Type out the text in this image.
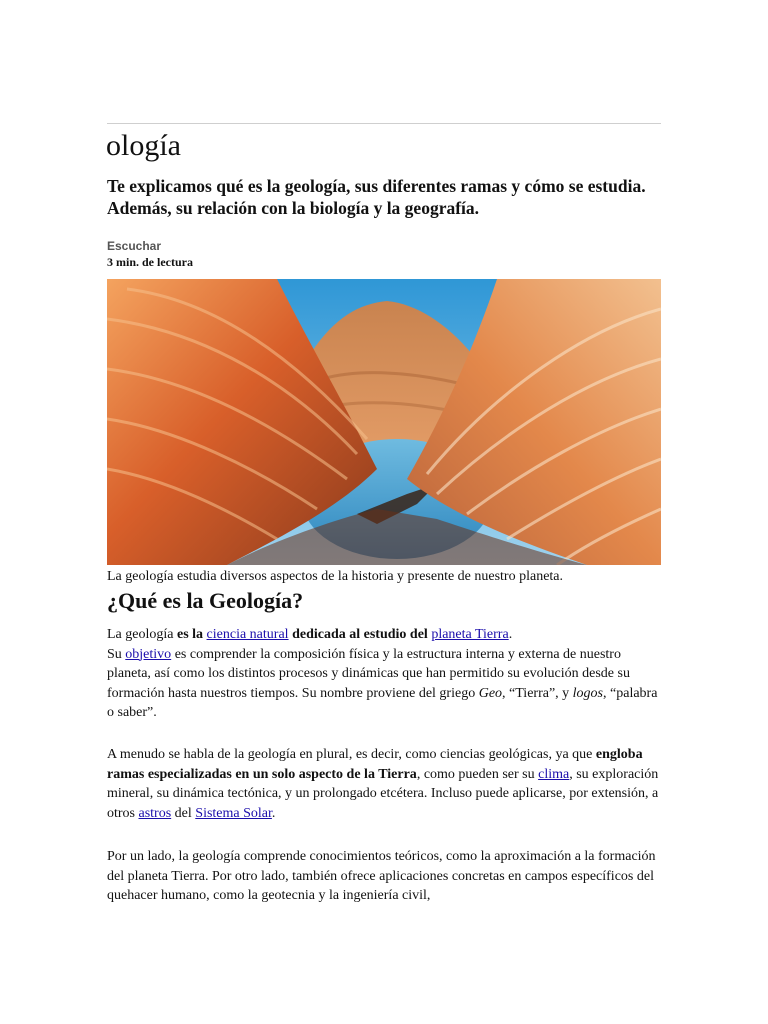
ología

Te explicamos qué es la geología, sus diferentes ramas y cómo se estudia. Además, su relación con la biología y la geografía.

Escuchar
3 min. de lectura
La geología estudia diversos aspectos de la historia y presente de nuestro planeta.
¿Qué es la Geología?

La geología es la ciencia natural dedicada al estudio del planeta Tierra.
Su objetivo es comprender la composición física y la estructura interna y externa de nuestro planeta, así como los distintos procesos y dinámicas que han permitido su evolución desde su formación hasta nuestros tiempos. Su nombre proviene del griego Geo, “Tierra”, y logos, “palabra o saber”.

A menudo se habla de la geología en plural, es decir, como ciencias geológicas, ya que engloba ramas especializadas en un solo aspecto de la Tierra, como pueden ser su clima, su exploración mineral, su dinámica tectónica, y un prolongado etcétera. Incluso puede aplicarse, por extensión, a otros astros del Sistema Solar.

Por un lado, la geología comprende conocimientos teóricos, como la aproximación a la formación del planeta Tierra. Por otro lado, también ofrece aplicaciones concretas en campos específicos del quehacer humano, como la geotecnia y la ingeniería civil,
